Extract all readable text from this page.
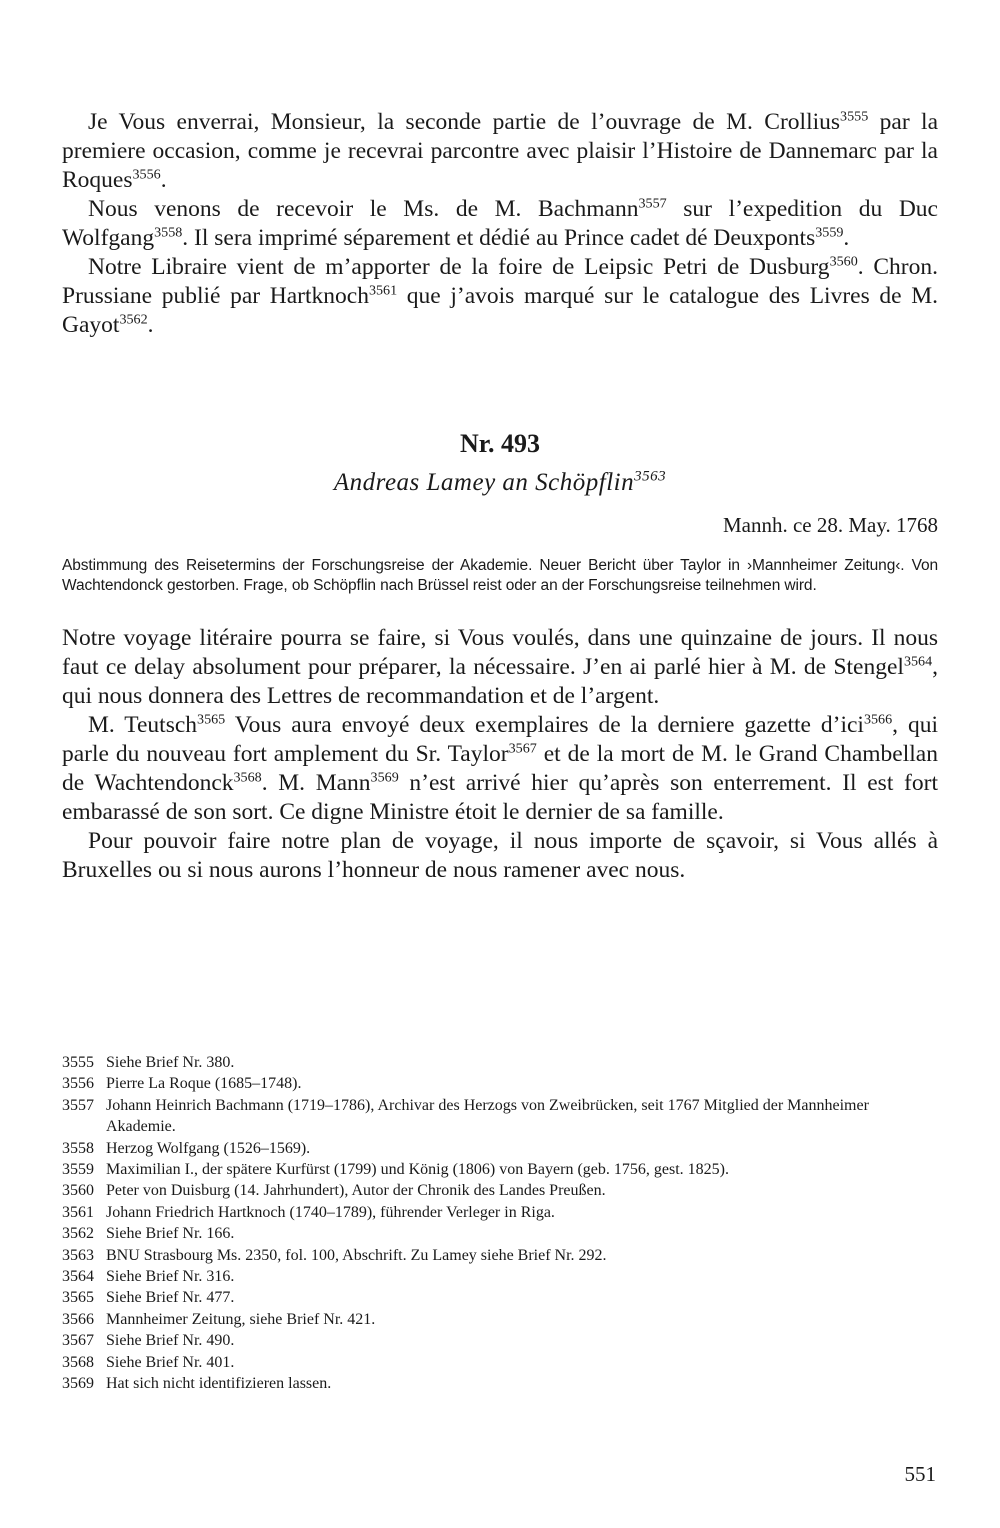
Je Vous enverrai, Monsieur, la seconde partie de l’ouvrage de M. Crollius$^{3555}$ par la premiere occasion, comme je recevrai parcontre avec plaisir l’Histoire de Dannemarc par la Roques$^{3556}$.

Nous venons de recevoir le Ms. de M. Bachmann$^{3557}$ sur l’expedition du Duc Wolfgang$^{3558}$. Il sera imprimé séparement et dédié au Prince cadet dé Deuxponts$^{3559}$.

Notre Libraire vient de m’apporter de la foire de Leipsic Petri de Dusburg$^{3560}$. Chron. Prussiane publié par Hartknoch$^{3561}$ que j’avois marqué sur le catalogue des Livres de M. Gayot$^{3562}$.

Nr. 493
Andreas Lamey an Schöpflin$^{3563}$
Mannh. ce 28. May. 1768
Abstimmung des Reisetermins der Forschungsreise der Akademie. Neuer Bericht über Taylor in ›Mannheimer Zeitung‹. Von Wachtendonck gestorben. Frage, ob Schöpflin nach Brüssel reist oder an der Forschungsreise teilnehmen wird.

Notre voyage litéraire pourra se faire, si Vous voulés, dans une quinzaine de jours. Il nous faut ce delay absolument pour préparer, la nécessaire. J’en ai parlé hier à M. de Stengel$^{3564}$, qui nous donnera des Lettres de recommandation et de l’argent.

M. Teutsch$^{3565}$ Vous aura envoyé deux exemplaires de la derniere gazette d’ici$^{3566}$, qui parle du nouveau fort amplement du Sr. Taylor$^{3567}$ et de la mort de M. le Grand Chambellan de Wachtendonck$^{3568}$. M. Mann$^{3569}$ n’est arrivé hier qu’après son enterrement. Il est fort embarassé de son sort. Ce digne Ministre étoit le dernier de sa famille.

Pour pouvoir faire notre plan de voyage, il nous importe de sçavoir, si Vous allés à Bruxelles ou si nous aurons l’honneur de nous ramener avec nous.

3555 Siehe Brief Nr. 380.
3556 Pierre La Roque (1685–1748).
3557 Johann Heinrich Bachmann (1719–1786), Archivar des Herzogs von Zweibrücken, seit 1767 Mitglied der Mannheimer Akademie.
3558 Herzog Wolfgang (1526–1569).
3559 Maximilian I., der spätere Kurfürst (1799) und König (1806) von Bayern (geb. 1756, gest. 1825).
3560 Peter von Duisburg (14. Jahrhundert), Autor der Chronik des Landes Preußen.
3561 Johann Friedrich Hartknoch (1740–1789), führender Verleger in Riga.
3562 Siehe Brief Nr. 166.
3563 BNU Strasbourg Ms. 2350, fol. 100, Abschrift. Zu Lamey siehe Brief Nr. 292.
3564 Siehe Brief Nr. 316.
3565 Siehe Brief Nr. 477.
3566 Mannheimer Zeitung, siehe Brief Nr. 421.
3567 Siehe Brief Nr. 490.
3568 Siehe Brief Nr. 401.
3569 Hat sich nicht identifizieren lassen.
551
